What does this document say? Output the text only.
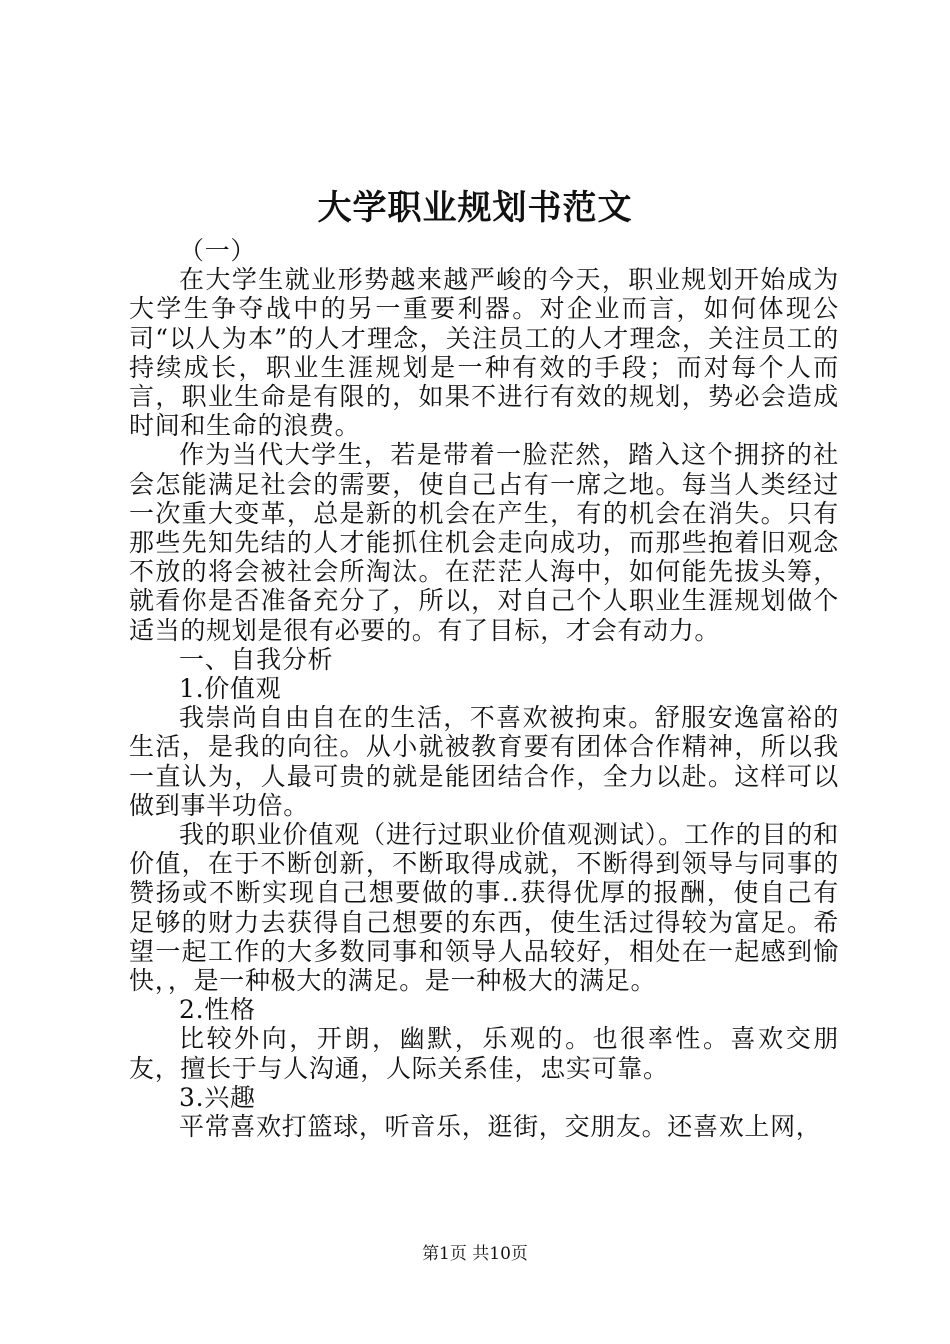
大学职业规划书范文

（一）

在大学生就业形势越来越严峻的今天，职业规划开始成为大学生争夺战中的另一重要利器。对企业而言，如何体现公司“以人为本”的人才理念，关注员工的人才理念，关注员工的持续成长，职业生涯规划是一种有效的手段；而对每个人而言，职业生命是有限的，如果不进行有效的规划，势必会造成时间和生命的浪费。

作为当代大学生，若是带着一脸茫然，踏入这个拥挤的社会怎能满足社会的需要，使自己占有一席之地。每当人类经过一次重大变革，总是新的机会在产生，有的机会在消失。只有那些先知先结的人才能抓住机会走向成功，而那些抱着旧观念不放的将会被社会所淘汰。在茫茫人海中，如何能先拔头筹，就看你是否准备充分了，所以，对自己个人职业生涯规划做个适当的规划是很有必要的。有了目标，才会有动力。

一、自我分析

1.价值观

我崇尚自由自在的生活，不喜欢被拘束。舒服安逸富裕的生活，是我的向往。从小就被教育要有团体合作精神，所以我一直认为，人最可贵的就是能团结合作，全力以赴。这样可以做到事半功倍。

我的职业价值观（进行过职业价值观测试）。工作的目的和价值，在于不断创新，不断取得成就，不断得到领导与同事的赞扬或不断实现自己想要做的事..获得优厚的报酬，使自己有足够的财力去获得自己想要的东西，使生活过得较为富足。希望一起工作的大多数同事和领导人品较好，相处在一起感到愉快，，是一种极大的满足。是一种极大的满足。

2.性格

比较外向，开朗，幽默，乐观的。也很率性。喜欢交朋友，擅长于与人沟通，人际关系佳，忠实可靠。

3.兴趣

平常喜欢打篮球，听音乐，逛街，交朋友。还喜欢上网，

第1页 共10页
